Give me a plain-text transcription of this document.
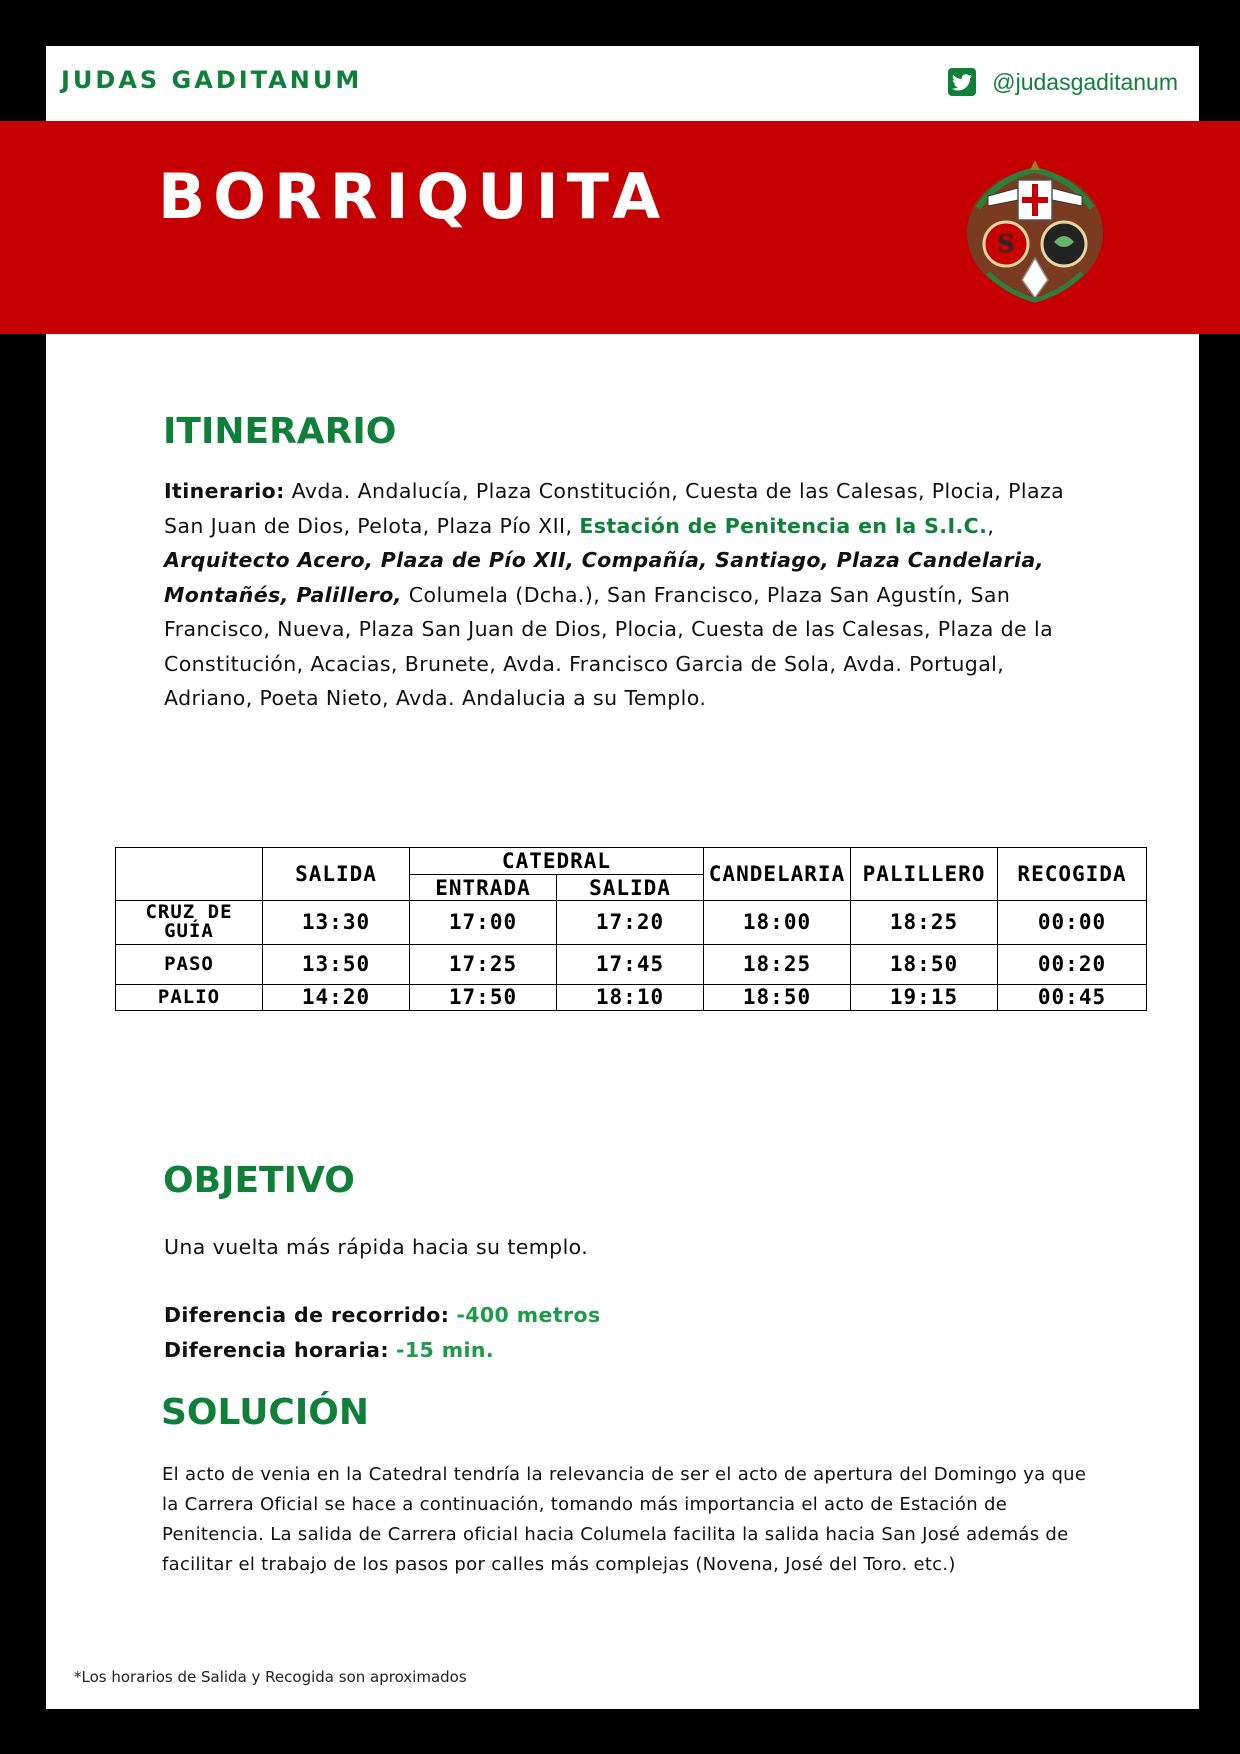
JUDAS GADITANUM	@judasgaditanum
BORRIQUITA
S
ITINERARIO
Itinerario: Avda. Andalucía, Plaza Constitución, Cuesta de las Calesas, Plocia, Plaza San Juan de Dios, Pelota, Plaza Pío XII, Estación de Penitencia en la S.I.C., Arquitecto Acero, Plaza de Pío XII, Compañía, Santiago, Plaza Candelaria, Montañés, Palillero, Columela (Dcha.), San Francisco, Plaza San Agustín, San Francisco, Nueva, Plaza San Juan de Dios, Plocia, Cuesta de las Calesas, Plaza de la Constitución, Acacias, Brunete, Avda. Francisco Garcia de Sola, Avda. Portugal, Adriano, Poeta Nieto, Avda. Andalucia a su Templo.
	SALIDA	CATEDRAL		CANDELARIA	PALILLERO	RECOGIDA
		ENTRADA	SALIDA			
CRUZ DE GUÍA	13:30	17:00	17:20	18:00	18:25	00:00
PASO	13:50	17:25	17:45	18:25	18:50	00:20
PALIO	14:20	17:50	18:10	18:50	19:15	00:45
OBJETIVO
Una vuelta más rápida hacia su templo.
Diferencia de recorrido: -400 metros
Diferencia horaria: -15 min.
SOLUCIÓN
El acto de venia en la Catedral tendría la relevancia de ser el acto de apertura del Domingo ya que la Carrera Oficial se hace a continuación, tomando más importancia el acto de Estación de Penitencia. La salida de Carrera oficial hacia Columela facilita la salida hacia San José además de facilitar el trabajo de los pasos por calles más complejas (Novena, José del Toro. etc.)
*Los horarios de Salida y Recogida son aproximados
